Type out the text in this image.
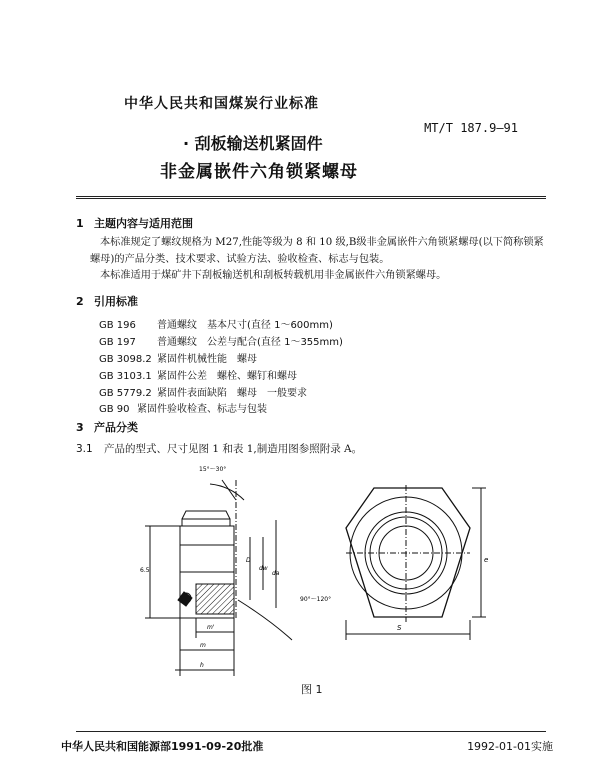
中华人民共和国煤炭行业标准
MT/T 187.9—91
· 刮板输送机紧固件
非金属嵌件六角锁紧螺母
1 主题内容与适用范围
本标准规定了螺纹规格为 M27,性能等级为 8 和 10 级,B级非金属嵌件六角锁紧螺母(以下简称锁紧螺母)的产品分类、技术要求、试验方法、验收检查、标志与包装。
本标准适用于煤矿井下刮板输送机和刮板转载机用非金属嵌件六角锁紧螺母。
2 引用标准
GB 196 普通螺纹　基本尺寸(直径 1～600mm)
GB 197 普通螺纹　公差与配合(直径 1～355mm)
GB 3098.2 紧固件机械性能　螺母
GB 3103.1 紧固件公差　螺栓、螺钉和螺母
GB 5779.2 紧固件表面缺陷　螺母　一般要求
GB 90 紧固件验收检查、标志与包装
3 产品分类
3.1 产品的型式、尺寸见图 1 和表 1,制造用图参照附录 A。
15°～30°
90°～120°
D
dw
da
6.5
m'
m
h
S
e
图 1
中华人民共和国能源部1991-09-20批准	1992-01-01实施
